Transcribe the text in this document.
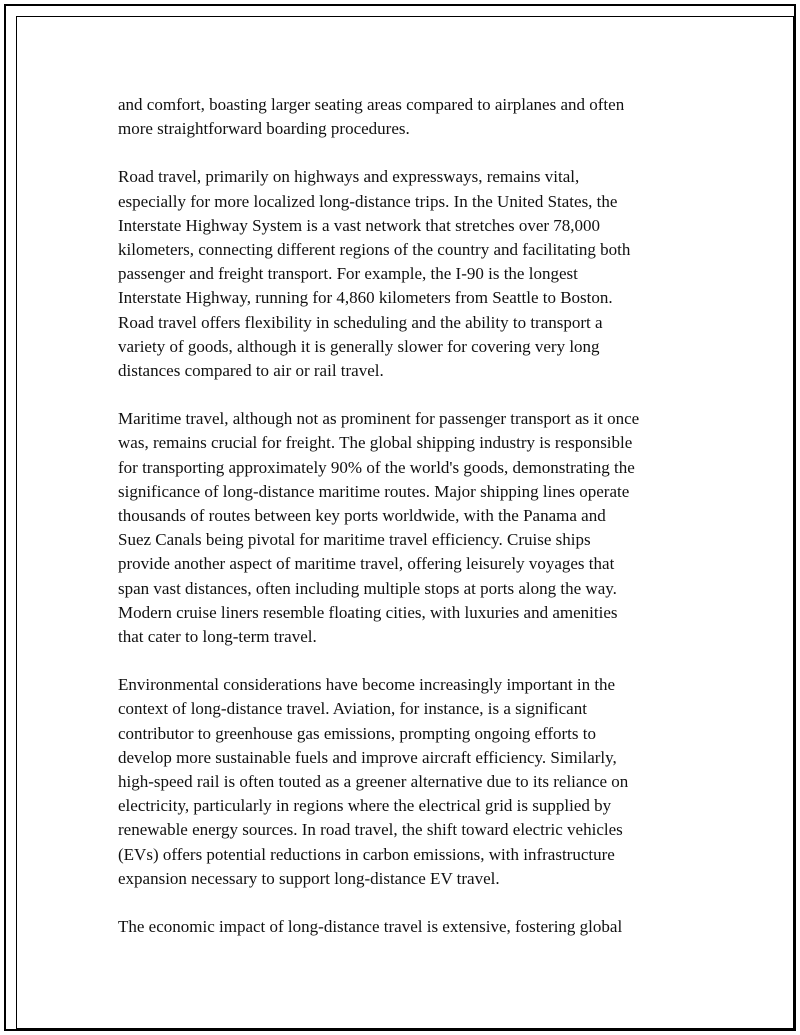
and comfort, boasting larger seating areas compared to airplanes and often
more straightforward boarding procedures.

Road travel, primarily on highways and expressways, remains vital,
especially for more localized long-distance trips. In the United States, the
Interstate Highway System is a vast network that stretches over 78,000
kilometers, connecting different regions of the country and facilitating both
passenger and freight transport. For example, the I-90 is the longest
Interstate Highway, running for 4,860 kilometers from Seattle to Boston.
Road travel offers flexibility in scheduling and the ability to transport a
variety of goods, although it is generally slower for covering very long
distances compared to air or rail travel.

Maritime travel, although not as prominent for passenger transport as it once
was, remains crucial for freight. The global shipping industry is responsible
for transporting approximately 90% of the world's goods, demonstrating the
significance of long-distance maritime routes. Major shipping lines operate
thousands of routes between key ports worldwide, with the Panama and
Suez Canals being pivotal for maritime travel efficiency. Cruise ships
provide another aspect of maritime travel, offering leisurely voyages that
span vast distances, often including multiple stops at ports along the way.
Modern cruise liners resemble floating cities, with luxuries and amenities
that cater to long-term travel.

Environmental considerations have become increasingly important in the
context of long-distance travel. Aviation, for instance, is a significant
contributor to greenhouse gas emissions, prompting ongoing efforts to
develop more sustainable fuels and improve aircraft efficiency. Similarly,
high-speed rail is often touted as a greener alternative due to its reliance on
electricity, particularly in regions where the electrical grid is supplied by
renewable energy sources. In road travel, the shift toward electric vehicles
(EVs) offers potential reductions in carbon emissions, with infrastructure
expansion necessary to support long-distance EV travel.

The economic impact of long-distance travel is extensive, fostering global
